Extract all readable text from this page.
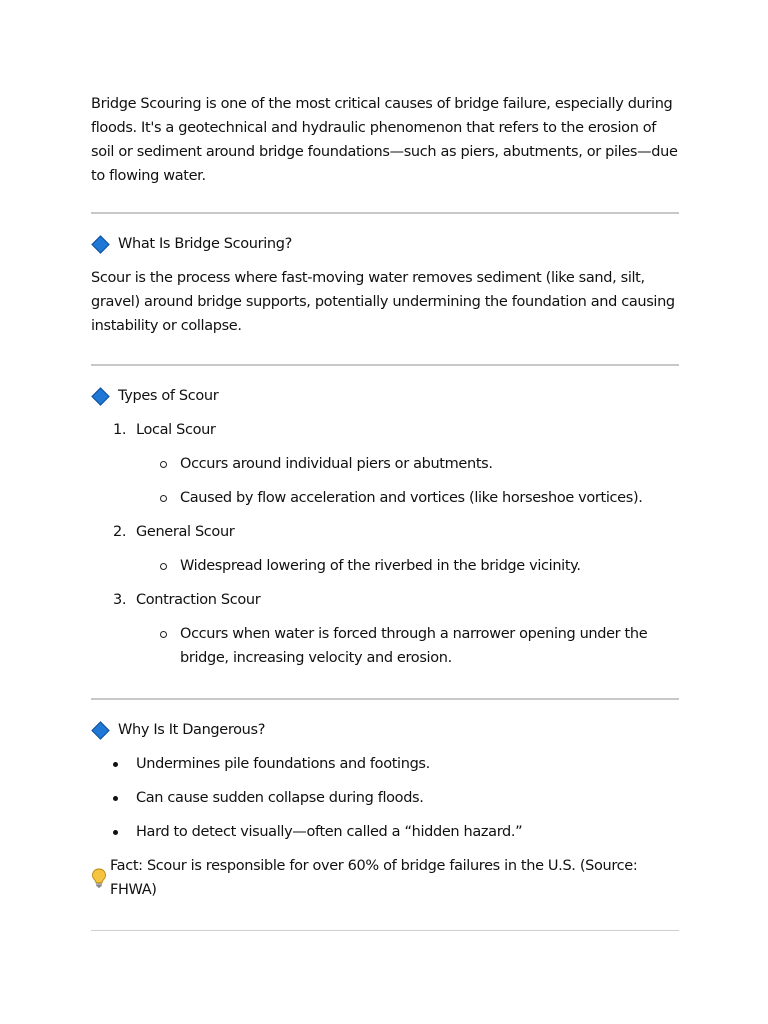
Bridge Scouring is one of the most critical causes of bridge failure, especially during floods. It's a geotechnical and hydraulic phenomenon that refers to the erosion of soil or sediment around bridge foundations—such as piers, abutments, or piles—due to flowing water.

What Is Bridge Scouring?

Scour is the process where fast-moving water removes sediment (like sand, silt, gravel) around bridge supports, potentially undermining the foundation and causing instability or collapse.

Types of Scour
1. Local Scour
Occurs around individual piers or abutments.
Caused by flow acceleration and vortices (like horseshoe vortices).
2. General Scour
Widespread lowering of the riverbed in the bridge vicinity.
3. Contraction Scour
Occurs when water is forced through a narrower opening under the bridge, increasing velocity and erosion.
Why Is It Dangerous?
Undermines pile foundations and footings.
Can cause sudden collapse during floods.
Hard to detect visually—often called a “hidden hazard.”
Fact: Scour is responsible for over 60% of bridge failures in the U.S. (Source: FHWA)
